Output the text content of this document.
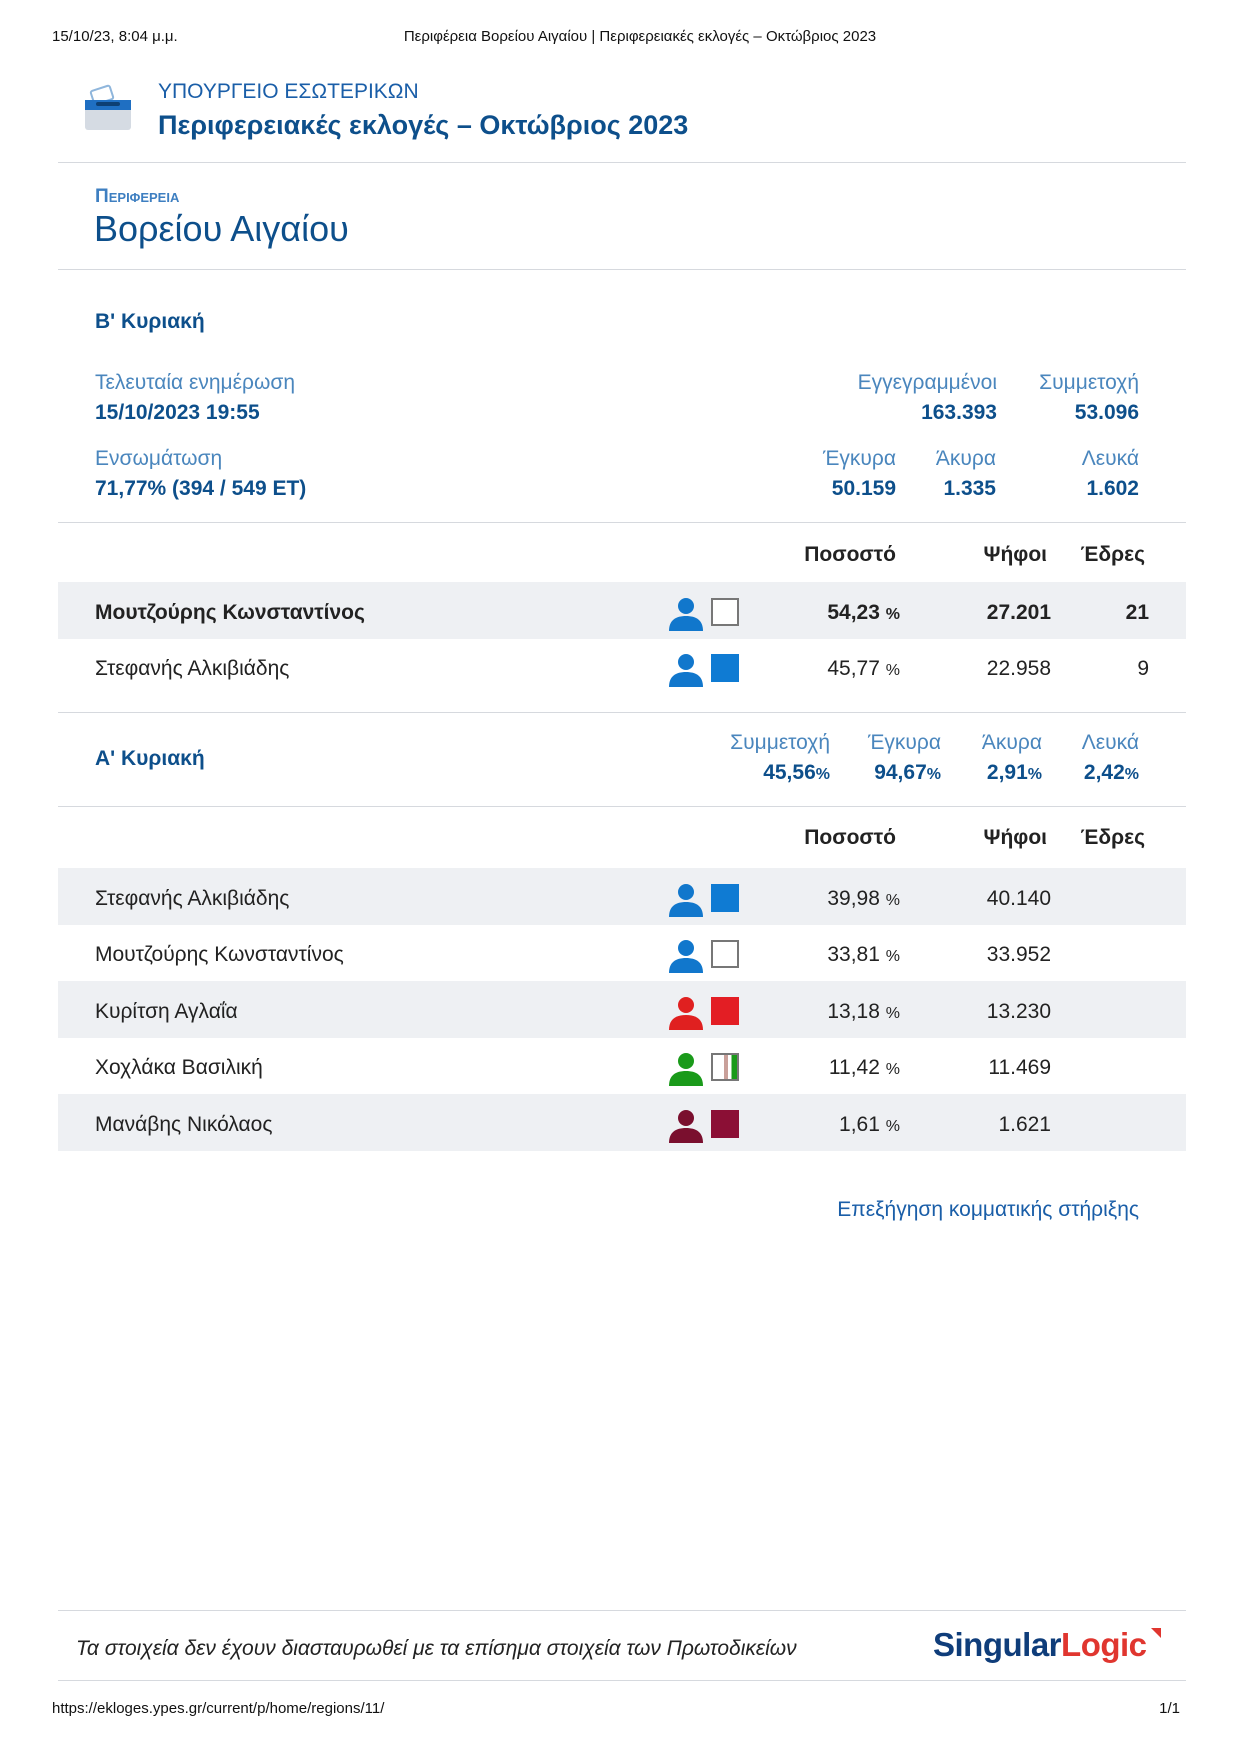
15/10/23, 8:04 μ.μ.	Περιφέρεια Βορείου Αιγαίου | Περιφερειακές εκλογές – Οκτώβριος 2023
ΥΠΟΥΡΓΕΙΟ ΕΣΩΤΕΡΙΚΩΝ
Περιφερειακές εκλογές – Οκτώβριος 2023
Περιφερεια
Βορείου Αιγαίου
Β' Κυριακή
Τελευταία ενημέρωση
15/10/2023 19:55
Εγγεγραμμένοι
163.393
Συμμετοχή
53.096
Ενσωμάτωση
71,77% (394 / 549 ΕΤ)
Έγκυρα
50.159
Άκυρα
1.335
Λευκά
1.602
Ποσοστό	Ψήφοι Έδρες
Μουτζούρης Κωνσταντίνος	54,23 %	27.201	21
Στεφανής Αλκιβιάδης	45,77 %	22.958	9
Α' Κυριακή
Συμμετοχή
45,56%
Έγκυρα
94,67%
Άκυρα
2,91%
Λευκά
2,42%
Ποσοστό	Ψήφοι Έδρες
Στεφανής Αλκιβιάδης	39,98 %	40.140
Μουτζούρης Κωνσταντίνος	33,81 %	33.952
Κυρίτση Αγλαΐα	13,18 %	13.230
Χοχλάκα Βασιλική	11,42 %	11.469
Μανάβης Νικόλαος	1,61 %	1.621
Επεξήγηση κομματικής στήριξης
Τα στοιχεία δεν έχουν διασταυρωθεί με τα επίσημα στοιχεία των Πρωτοδικείων	SingularLogic
https://ekloges.ypes.gr/current/p/home/regions/11/	1/1
